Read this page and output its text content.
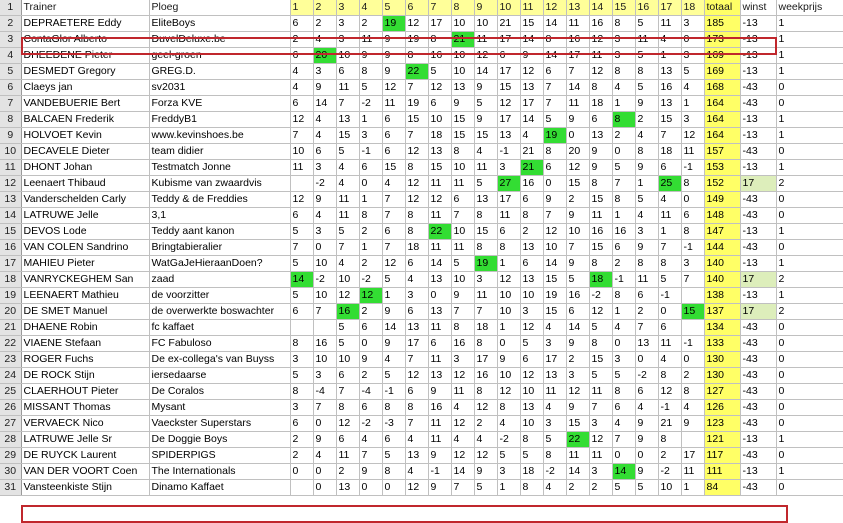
1	Trainer	Ploeg	1	2	3	4	5	6	7	8	9	10	11	12	13	14	15	16	17	18	totaal	winst	weekprijs
2	DEPRAETERE Eddy	EliteBoys	6	2	3	2	19	12	17	10	10	21	15	14	11	16	8	5	11	3	185	-13	1
3	ContaGlor Alberto	DuvelDeluxe.be	2	4	3	11	9	19	8	21	11	17	14	8	16	12	3	11	4	0	173	-13	1
4	DHEEDENE Pieter	geel-groen	6	20	10	9	9	8	16	10	12	6	9	14	17	11	3	5	1	3	169	-13	1
5	DESMEDT Gregory	GREG.D.	4	3	6	8	9	22	5	10	14	17	12	6	7	12	8	8	13	5	169	-13	1
6	Claeys jan	sv2031	4	9	11	5	12	7	12	13	9	15	13	7	14	8	4	5	16	4	168	-43	0
7	VANDEBUERIE Bert	Forza KVE	6	14	7	-2	11	19	6	9	5	12	17	7	11	18	1	9	13	1	164	-43	0
8	BALCAEN Frederik	FreddyB1	12	4	13	1	6	15	10	15	9	17	14	5	9	6	8	2	15	3	164	-13	1
9	HOLVOET Kevin	www.kevinshoes.be	7	4	15	3	6	7	18	15	15	13	4	19	0	13	2	4	7	12	164	-13	1
10	DECAVELE Dieter	team didier	10	6	5	-1	6	12	13	8	4	-1	21	8	20	9	0	8	18	11	157	-43	0
11	DHONT Johan	Testmatch Jonne	11	3	4	6	15	8	15	10	11	3	21	6	12	9	5	9	6	-1	153	-13	1
12	Leenaert Thibaud	Kubisme van zwaardvis		-2	4	0	4	12	11	11	5	27	16	0	15	8	7	1	25	8	152	17	2
13	Vanderschelden Carly	Teddy & de Freddies	12	9	11	1	7	12	12	6	13	17	6	9	2	15	8	5	4	0	149	-43	0
14	LATRUWE Jelle	3,1	6	4	11	8	7	8	11	7	8	11	8	7	9	11	1	4	11	6	148	-43	0
15	DEVOS Lode	Teddy aant kanon	5	3	5	2	6	8	22	10	15	6	2	12	10	16	16	3	1	8	147	-13	1
16	VAN COLEN Sandrino	Bringtabieralier	7	0	7	1	7	18	11	11	8	8	13	10	7	15	6	9	7	-1	144	-43	0
17	MAHIEU Pieter	WatGaJeHieraanDoen?	5	10	4	2	12	6	14	5	19	1	6	14	9	8	2	8	8	3	140	-13	1
18	VANRYCKEGHEM San	zaad	14	-2	10	-2	5	4	13	10	3	12	13	15	5	18	-1	11	5	7	140	17	2
19	LEENAERT Mathieu	de voorzitter	5	10	12	12	1	3	0	9	11	10	10	19	16	-2	8	6	-1		138	-13	1
20	DE SMET Manuel	de overwerkte boswachter	6	7	16	2	9	6	13	7	7	10	3	15	6	12	1	2	0	15	137	17	2
21	DHAENE Robin	fc kaffaet			5	6	14	13	11	8	18	1	12	4	14	5	4	7	6		134	-43	0
22	VIAENE Stefaan	FC Fabuloso	8	16	5	0	9	17	6	16	8	0	5	3	9	8	0	13	11	-1	133	-43	0
23	ROGER Fuchs	De ex-collega's van Buyss	3	10	10	9	4	7	11	3	17	9	6	17	2	15	3	0	4	0	130	-43	0
24	DE ROCK Stijn	iersedaarse	5	3	6	2	5	12	13	12	16	10	12	13	3	5	5	-2	8	2	130	-43	0
25	CLAERHOUT Pieter	De Coralos	8	-4	7	-4	-1	6	9	11	8	12	10	11	12	11	8	6	12	8	127	-43	0
26	MISSANT Thomas	Mysant	3	7	8	6	8	8	16	4	12	8	13	4	9	7	6	4	-1	4	126	-43	0
27	VERVAECK Nico	Vaeckster Superstars	6	0	12	-2	-3	7	11	12	2	4	10	3	15	3	4	9	21	9	123	-43	0
28	LATRUWE Jelle Sr	De Doggie Boys	2	9	6	4	6	4	11	4	4	-2	8	5	22	12	7	9	8		121	-13	1
29	DE RUYCK Laurent	SPIDERPIGS	2	4	11	7	5	13	9	12	12	5	5	8	11	11	0	0	2	17	117	-43	0
30	VAN DER VOORT Coen	The Internationals	0	0	2	9	8	4	-1	14	9	3	18	-2	14	3	14	9	-2	11	111	-13	1
31	Vansteenkiste Stijn	Dinamo Kaffaet		0	13	0	0	12	9	7	5	1	8	4	2	2	5	5	10	1	84	-43	0
